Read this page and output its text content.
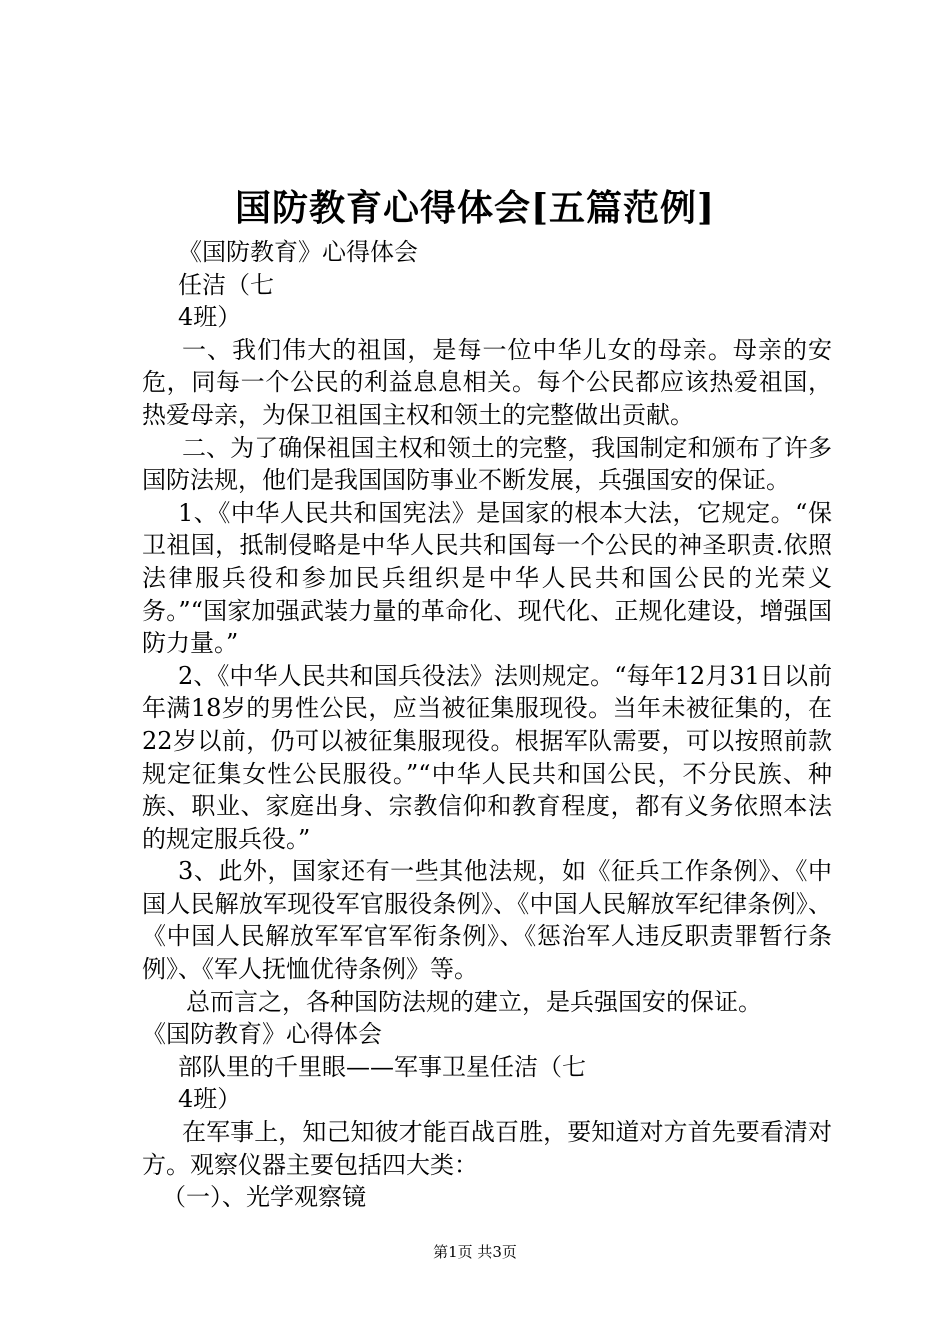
国防教育心得体会[五篇范例]

《国防教育》心得体会

任洁（七

4班）

一、我们伟大的祖国，是每一位中华儿女的母亲。母亲的安危，同每一个公民的利益息息相关。每个公民都应该热爱祖国，热爱母亲，为保卫祖国主权和领土的完整做出贡献。

二、为了确保祖国主权和领土的完整，我国制定和颁布了许多国防法规，他们是我国国防事业不断发展，兵强国安的保证。

1、《中华人民共和国宪法》是国家的根本大法，它规定。“保卫祖国，抵制侵略是中华人民共和国每一个公民的神圣职责.依照法律服兵役和参加民兵组织是中华人民共和国公民的光荣义务。”“国家加强武装力量的革命化、现代化、正规化建设，增强国防力量。”

2、《中华人民共和国兵役法》法则规定。“每年12月31日以前年满18岁的男性公民，应当被征集服现役。当年未被征集的，在22岁以前，仍可以被征集服现役。根据军队需要，可以按照前款规定征集女性公民服役。”“中华人民共和国公民，不分民族、种族、职业、家庭出身、宗教信仰和教育程度，都有义务依照本法的规定服兵役。”

3、此外，国家还有一些其他法规，如《征兵工作条例》、《中国人民解放军现役军官服役条例》、《中国人民解放军纪律条例》、《中国人民解放军军官军衔条例》、《惩治军人违反职责罪暂行条例》、《军人抚恤优待条例》等。

总而言之，各种国防法规的建立，是兵强国安的保证。

《国防教育》心得体会

部队里的千里眼——军事卫星任洁（七

4班）

在军事上，知己知彼才能百战百胜，要知道对方首先要看清对方。观察仪器主要包括四大类：

（一）、光学观察镜

第1页 共3页
